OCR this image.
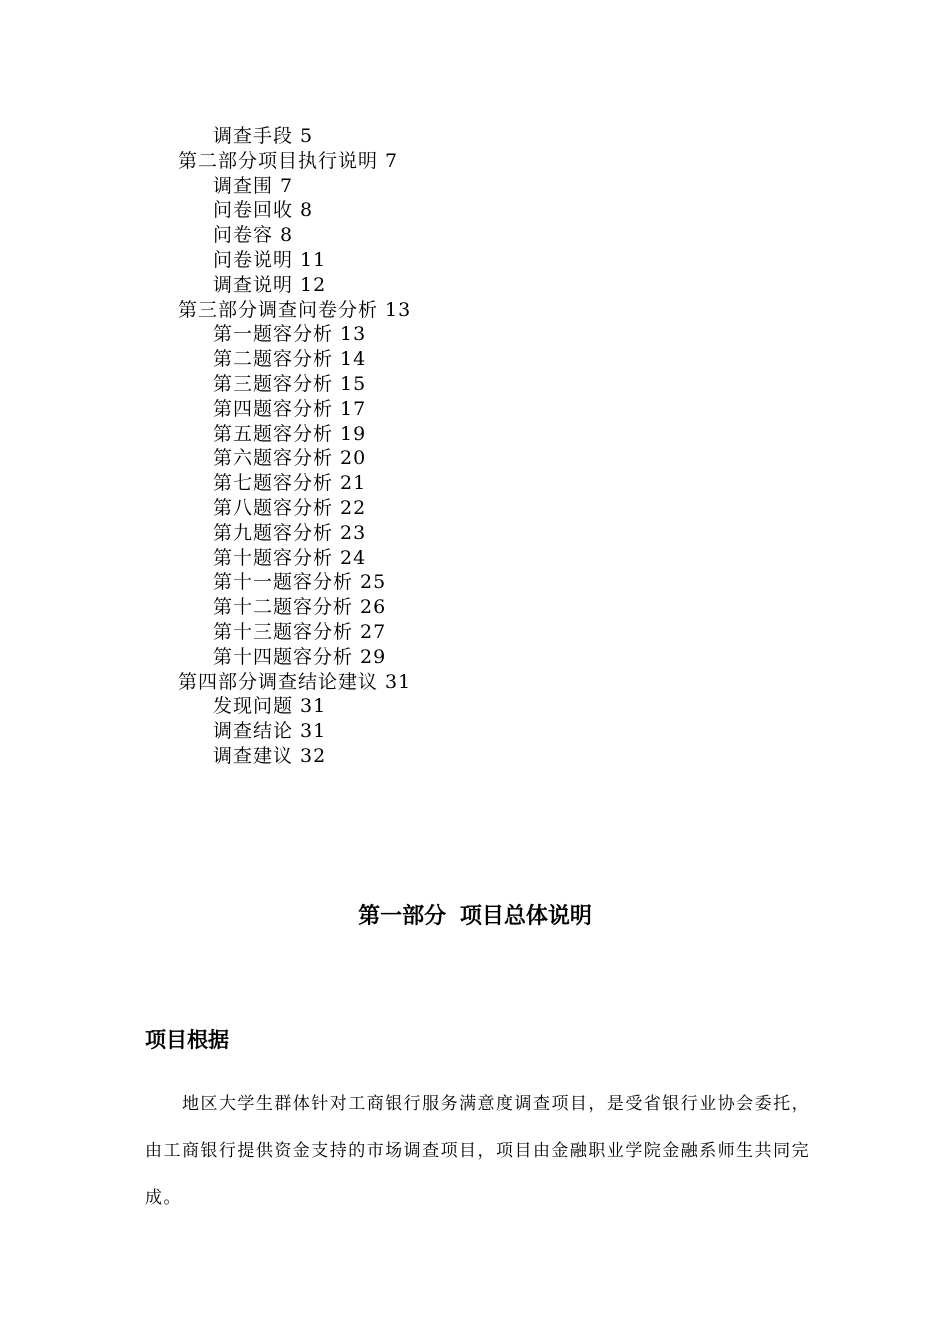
调查手段 5
第二部分项目执行说明 7
调查围 7
问卷回收 8
问卷容 8
问卷说明 11
调查说明 12
第三部分调查问卷分析 13
第一题容分析 13
第二题容分析 14
第三题容分析 15
第四题容分析 17
第五题容分析 19
第六题容分析 20
第七题容分析 21
第八题容分析 22
第九题容分析 23
第十题容分析 24
第十一题容分析 25
第十二题容分析 26
第十三题容分析 27
第十四题容分析 29
第四部分调查结论建议 31
发现问题 31
调查结论 31
调查建议 32
第一部分 项目总体说明
项目根据

地区大学生群体针对工商银行服务满意度调查项目，是受省银行业协会委托，由工商银行提供资金支持的市场调查项目，项目由金融职业学院金融系师生共同完成。
